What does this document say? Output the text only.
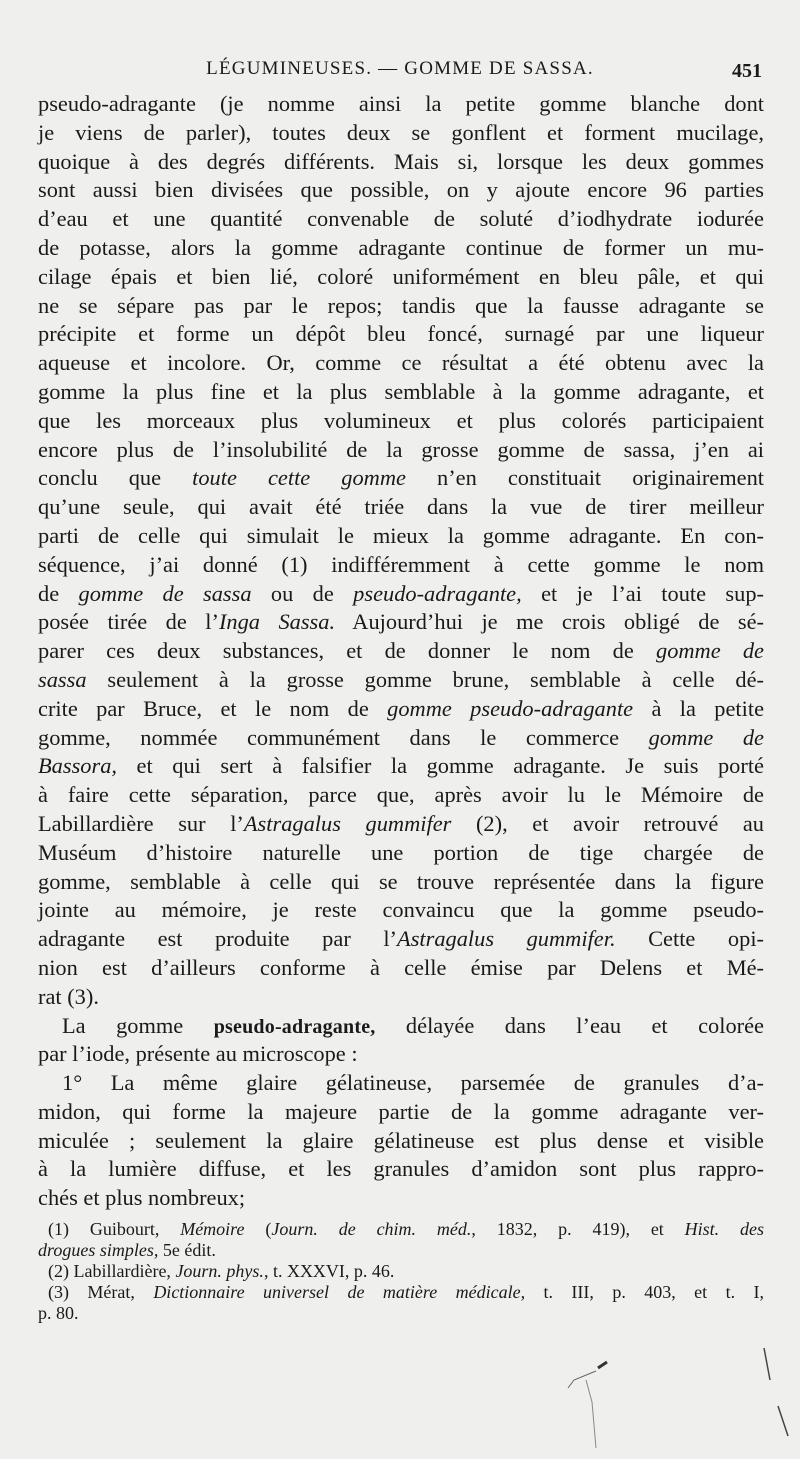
LÉGUMINEUSES. — GOMME DE SASSA.	451
pseudo-adragante (je nomme ainsi la petite gomme blanche dont
je viens de parler), toutes deux se gonflent et forment mucilage,
quoique à des degrés différents. Mais si, lorsque les deux gommes
sont aussi bien divisées que possible, on y ajoute encore 96 parties
d’eau et une quantité convenable de soluté d’iodhydrate iodurée
de potasse, alors la gomme adragante continue de former un mu-
cilage épais et bien lié, coloré uniformément en bleu pâle, et qui
ne se sépare pas par le repos; tandis que la fausse adragante se
précipite et forme un dépôt bleu foncé, surnagé par une liqueur
aqueuse et incolore. Or, comme ce résultat a été obtenu avec la
gomme la plus fine et la plus semblable à la gomme adragante, et
que les morceaux plus volumineux et plus colorés participaient
encore plus de l’insolubilité de la grosse gomme de sassa, j’en ai
conclu que toute cette gomme n’en constituait originairement
qu’une seule, qui avait été triée dans la vue de tirer meilleur
parti de celle qui simulait le mieux la gomme adragante. En con-
séquence, j’ai donné (1) indifféremment à cette gomme le nom
de gomme de sassa ou de pseudo-adragante, et je l’ai toute sup-
posée tirée de l’Inga Sassa. Aujourd’hui je me crois obligé de sé-
parer ces deux substances, et de donner le nom de gomme de
sassa seulement à la grosse gomme brune, semblable à celle dé-
crite par Bruce, et le nom de gomme pseudo-adragante à la petite
gomme, nommée communément dans le commerce gomme de
Bassora, et qui sert à falsifier la gomme adragante. Je suis porté
à faire cette séparation, parce que, après avoir lu le Mémoire de
Labillardière sur l’Astragalus gummifer (2), et avoir retrouvé au
Muséum d’histoire naturelle une portion de tige chargée de
gomme, semblable à celle qui se trouve représentée dans la figure
jointe au mémoire, je reste convaincu que la gomme pseudo-
adragante est produite par l’Astragalus gummifer. Cette opi-
nion est d’ailleurs conforme à celle émise par Delens et Mé-
rat (3).
La gomme pseudo-adragante, délayée dans l’eau et colorée
par l’iode, présente au microscope :
1° La même glaire gélatineuse, parsemée de granules d’a-
midon, qui forme la majeure partie de la gomme adragante ver-
miculée ; seulement la glaire gélatineuse est plus dense et visible
à la lumière diffuse, et les granules d’amidon sont plus rappro-
chés et plus nombreux;
(1) Guibourt, Mémoire (Journ. de chim. méd., 1832, p. 419), et Hist. des
drogues simples, 5e édit.
(2) Labillardière, Journ. phys., t. XXXVI, p. 46.
(3) Mérat, Dictionnaire universel de matière médicale, t. III, p. 403, et t. I,
p. 80.
